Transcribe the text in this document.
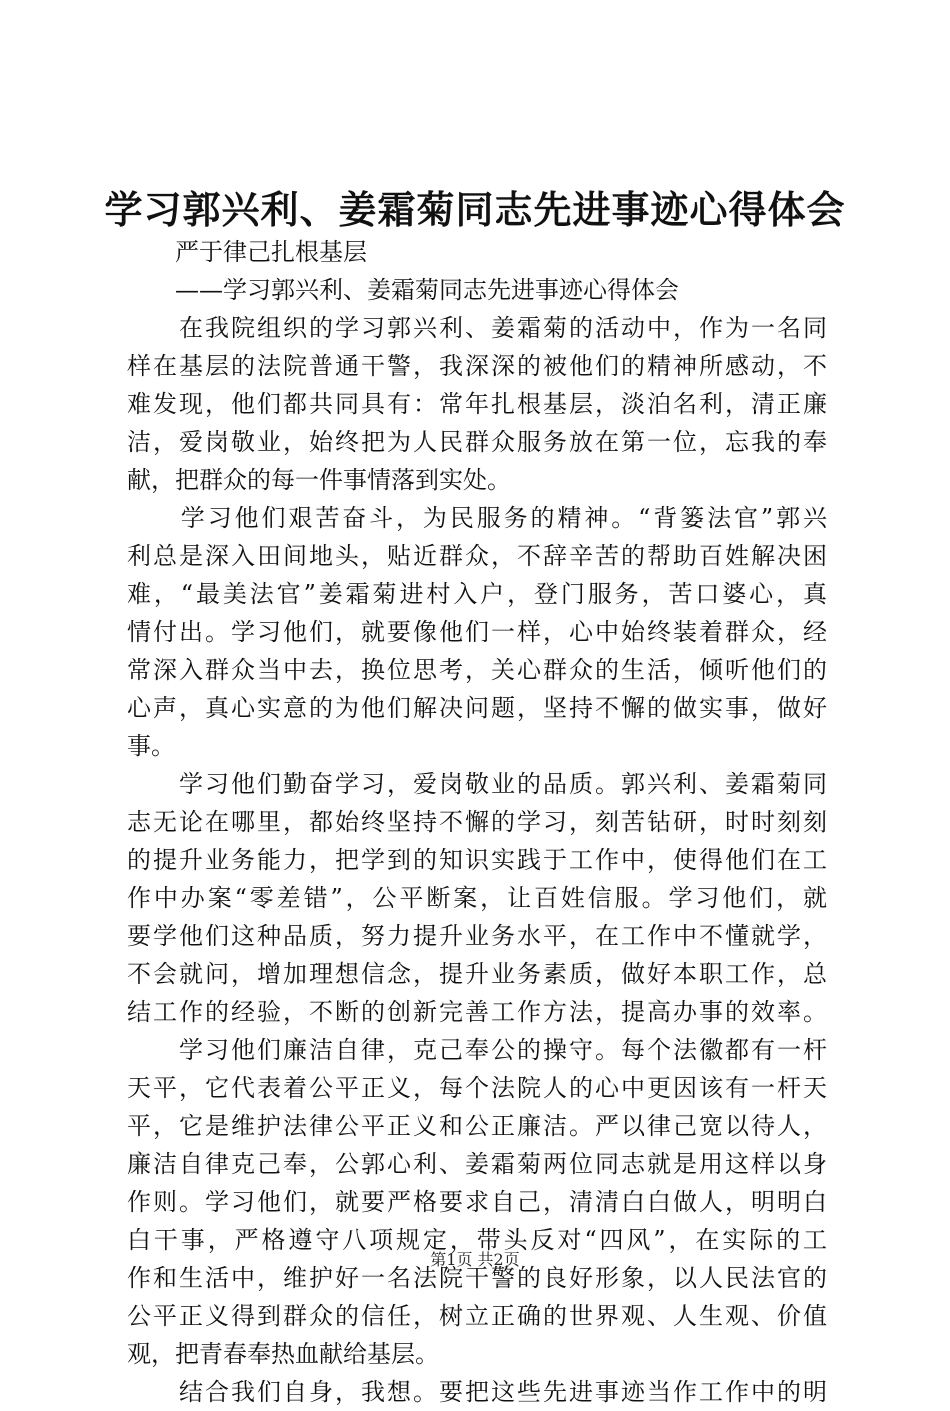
学习郭兴利、姜霜菊同志先进事迹心得体会
　　严于律己扎根基层
　　——学习郭兴利、姜霜菊同志先进事迹心得体会
　　在我院组织的学习郭兴利、姜霜菊的活动中，作为一名同
样在基层的法院普通干警，我深深的被他们的精神所感动，不
难发现，他们都共同具有：常年扎根基层，淡泊名利，清正廉
洁，爱岗敬业，始终把为人民群众服务放在第一位，忘我的奉
献，把群众的每一件事情落到实处。
　　学习他们艰苦奋斗，为民服务的精神。“背篓法官”郭兴
利总是深入田间地头，贴近群众，不辞辛苦的帮助百姓解决困
难，“最美法官”姜霜菊进村入户，登门服务，苦口婆心，真
情付出。学习他们，就要像他们一样，心中始终装着群众，经
常深入群众当中去，换位思考，关心群众的生活，倾听他们的
心声，真心实意的为他们解决问题，坚持不懈的做实事，做好
事。
　　学习他们勤奋学习，爱岗敬业的品质。郭兴利、姜霜菊同
志无论在哪里，都始终坚持不懈的学习，刻苦钻研，时时刻刻
的提升业务能力，把学到的知识实践于工作中，使得他们在工
作中办案“零差错”，公平断案，让百姓信服。学习他们，就
要学他们这种品质，努力提升业务水平，在工作中不懂就学，
不会就问，增加理想信念，提升业务素质，做好本职工作，总
结工作的经验，不断的创新完善工作方法，提高办事的效率。
　　学习他们廉洁自律，克己奉公的操守。每个法徽都有一杆
天平，它代表着公平正义，每个法院人的心中更因该有一杆天
平，它是维护法律公平正义和公正廉洁。严以律己宽以待人，
廉洁自律克己奉，公郭心利、姜霜菊两位同志就是用这样以身
作则。学习他们，就要严格要求自己，清清白白做人，明明白
白干事，严格遵守八项规定，带头反对“四风”，在实际的工
作和生活中，维护好一名法院干警的良好形象，以人民法官的
公平正义得到群众的信任，树立正确的世界观、人生观、价值
观，把青春奉热血献给基层。
　　结合我们自身，我想。要把这些先进事迹当作工作中的明
第1页 共2页
